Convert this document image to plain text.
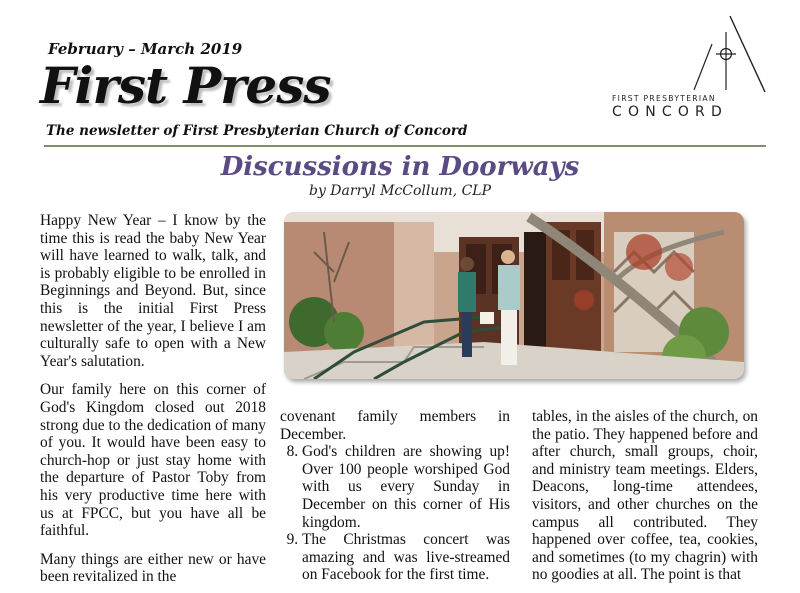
February – March 2019
First Press
The newsletter of First Presbyterian Church of Concord
FIRST PRESBYTERIAN
CONCORD
Discussions in Doorways
by Darryl McCollum, CLP

Happy New Year – I know by the time this is read the baby New Year will have learned to walk, talk, and is probably eligible to be enrolled in Beginnings and Beyond. But, since this is the initial First Press newsletter of the year, I believe I am culturally safe to open with a New Year's salutation.

Our family here on this corner of God's Kingdom closed out 2018 strong due to the dedication of many of you. It would have been easy to church-hop or just stay home with the departure of Pastor Toby from his very productive time here with us at FPCC, but you have all be faithful.

Many things are either new or have been revitalized in the

covenant family members in December.
8. God's children are showing up! Over 100 people worshiped God with us every Sunday in December on this corner of His kingdom.
9. The Christmas concert was amazing and was live-streamed on Facebook for the first time.
tables, in the aisles of the church, on the patio. They happened before and after church, small groups, choir, and ministry team meetings. Elders, Deacons, long-time attendees, visitors, and other churches on the campus all contributed. They happened over coffee, tea, cookies, and sometimes (to my chagrin) with no goodies at all. The point is that
